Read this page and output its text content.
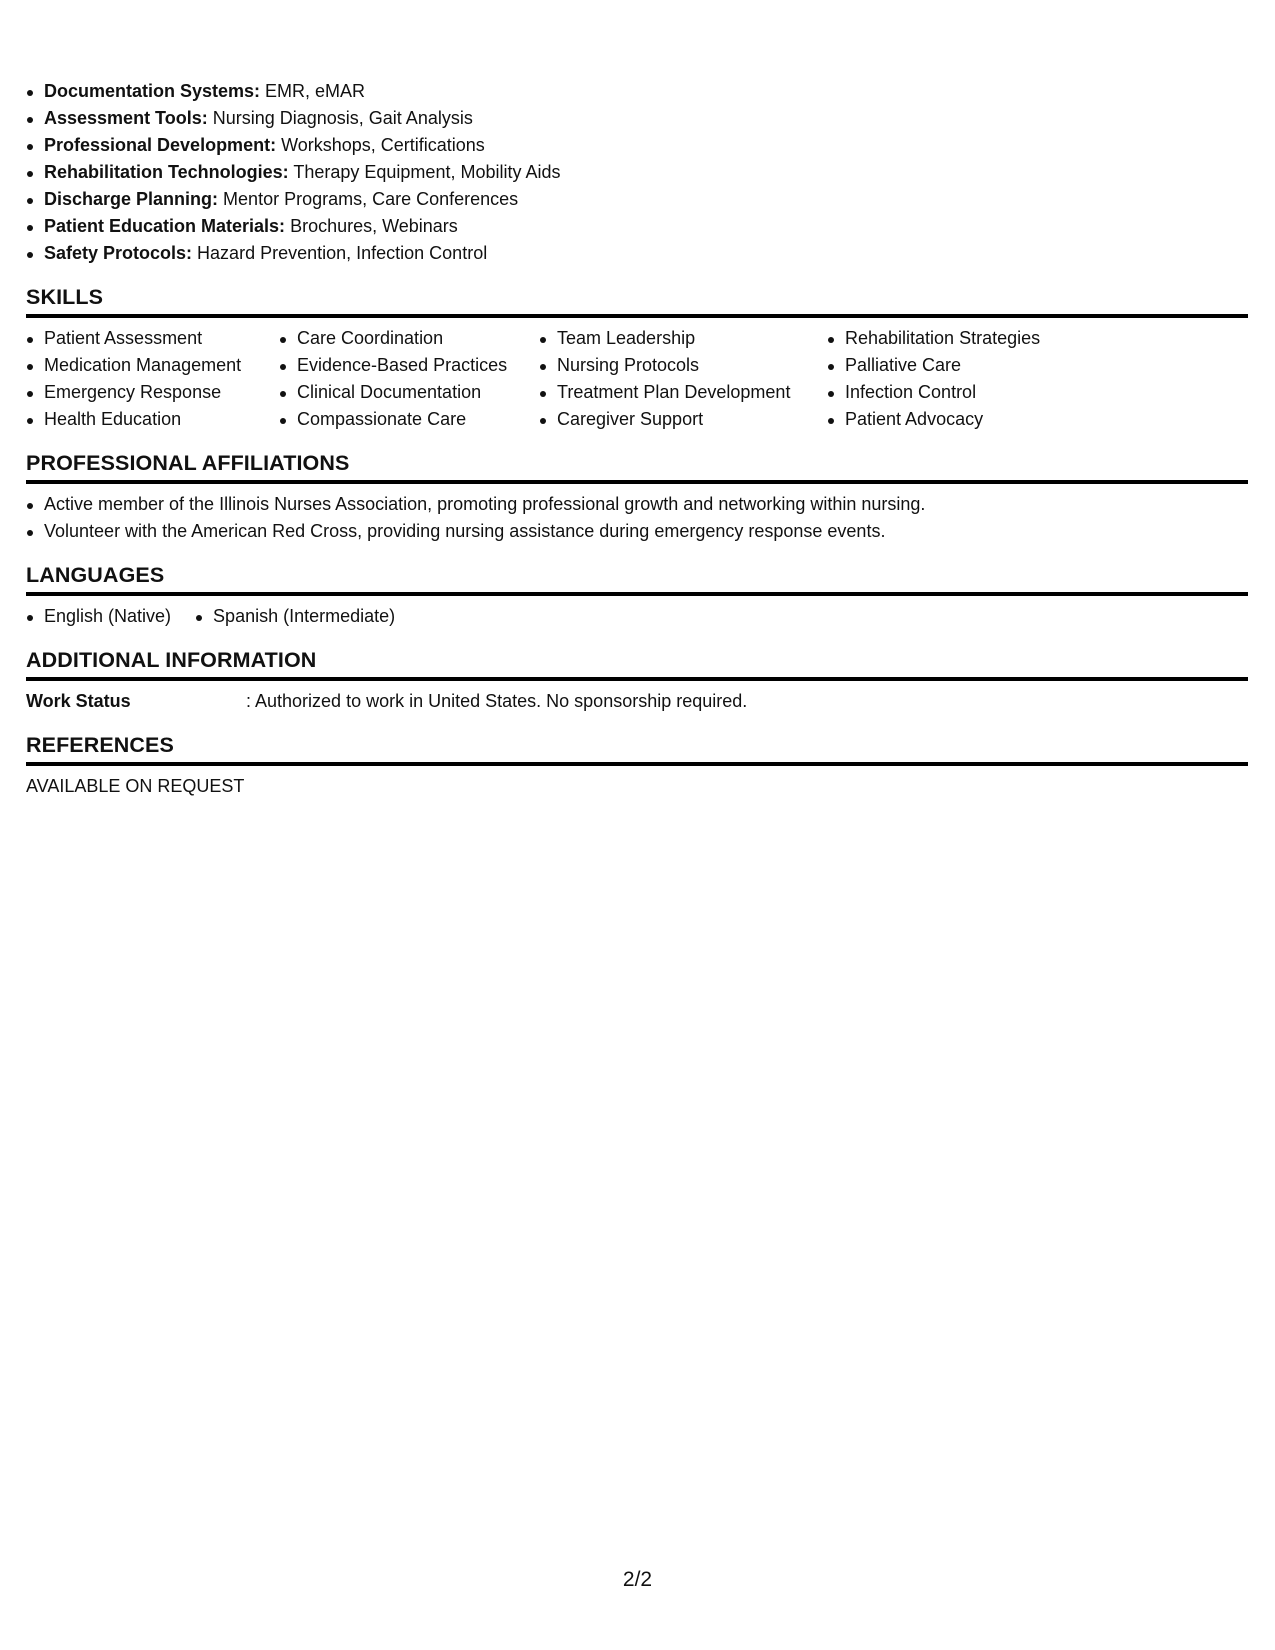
Documentation Systems: EMR, eMAR
Assessment Tools: Nursing Diagnosis, Gait Analysis
Professional Development: Workshops, Certifications
Rehabilitation Technologies: Therapy Equipment, Mobility Aids
Discharge Planning: Mentor Programs, Care Conferences
Patient Education Materials: Brochures, Webinars
Safety Protocols: Hazard Prevention, Infection Control
SKILLS
Patient Assessment
Medication Management
Emergency Response
Health Education
Care Coordination
Evidence-Based Practices
Clinical Documentation
Compassionate Care
Team Leadership
Nursing Protocols
Treatment Plan Development
Caregiver Support
Rehabilitation Strategies
Palliative Care
Infection Control
Patient Advocacy
PROFESSIONAL AFFILIATIONS
Active member of the Illinois Nurses Association, promoting professional growth and networking within nursing.
Volunteer with the American Red Cross, providing nursing assistance during emergency response events.
LANGUAGES
English (Native)	Spanish (Intermediate)
ADDITIONAL INFORMATION
Work Status	: Authorized to work in United States. No sponsorship required.
REFERENCES
AVAILABLE ON REQUEST
2/2
